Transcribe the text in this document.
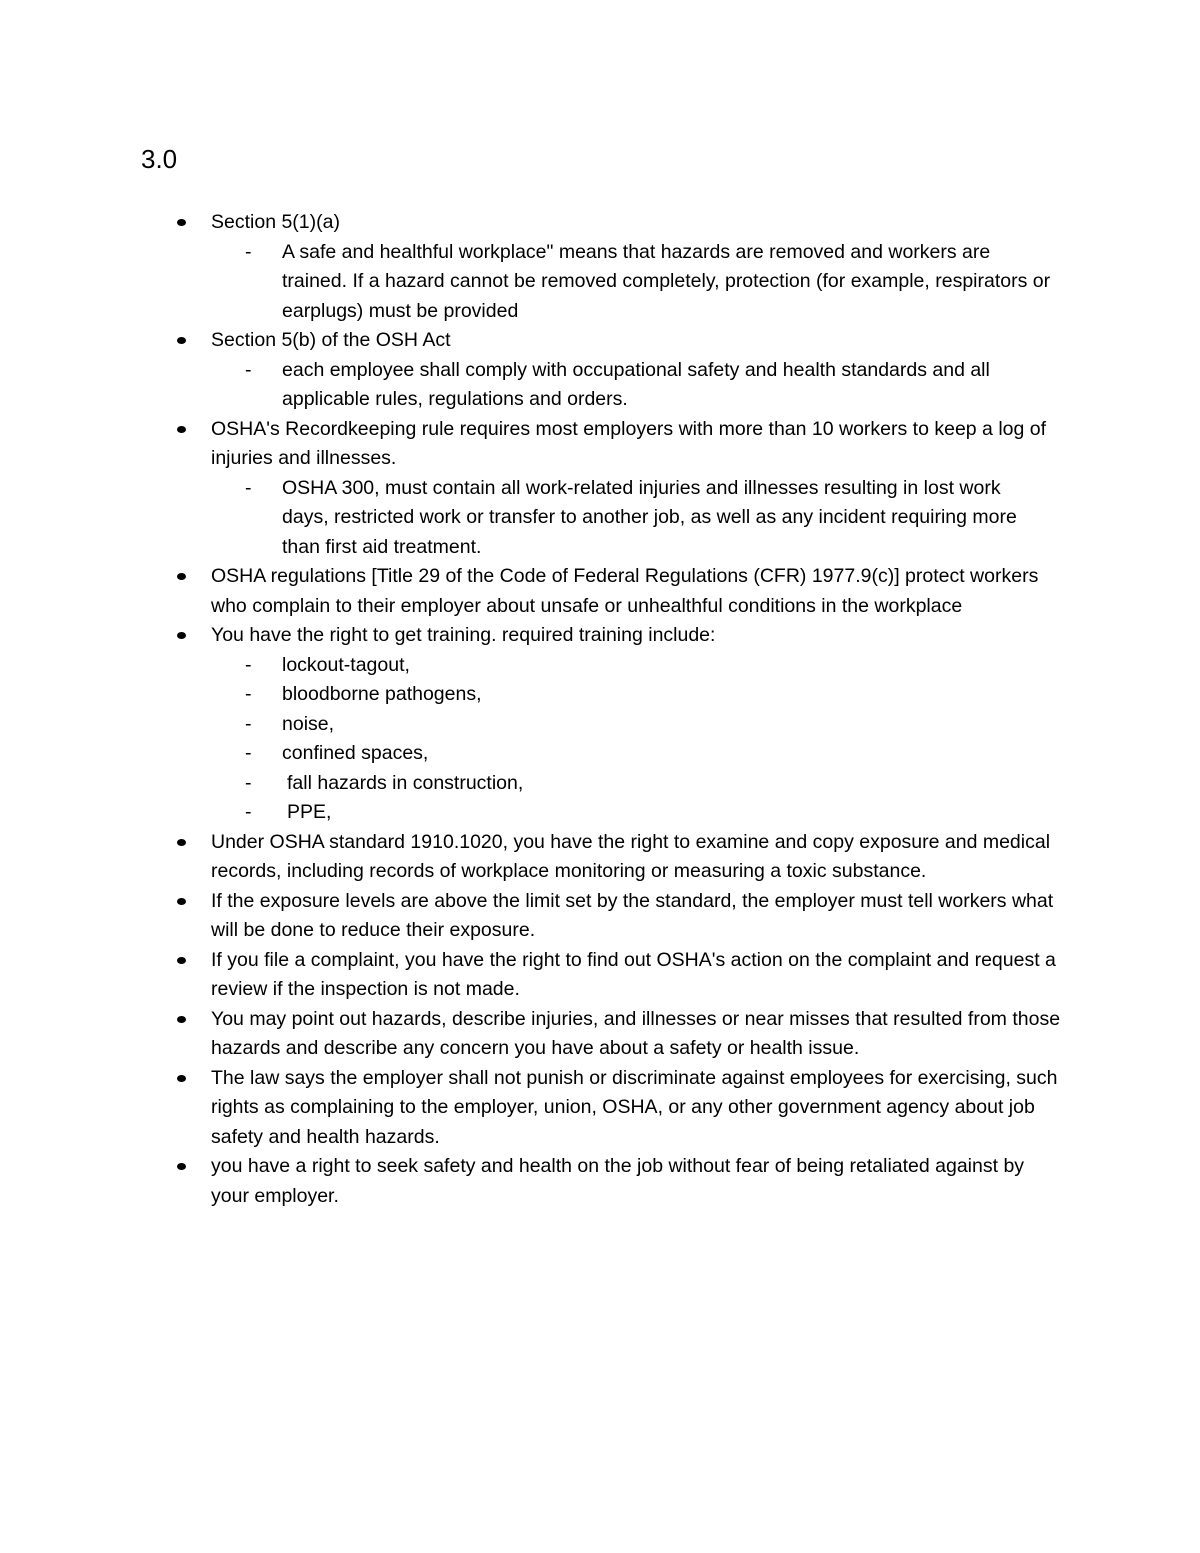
3.0
Section 5(1)(a)
- A safe and healthful workplace" means that hazards are removed and workers are trained. If a hazard cannot be removed completely, protection (for example, respirators or earplugs) must be provided
Section 5(b) of the OSH Act
- each employee shall comply with occupational safety and health standards and all applicable rules, regulations and orders.
OSHA's Recordkeeping rule requires most employers with more than 10 workers to keep a log of injuries and illnesses.
- OSHA 300, must contain all work-related injuries and illnesses resulting in lost work days, restricted work or transfer to another job, as well as any incident requiring more than first aid treatment.
OSHA regulations [Title 29 of the Code of Federal Regulations (CFR) 1977.9(c)] protect workers who complain to their employer about unsafe or unhealthful conditions in the workplace
You have the right to get training. required training include:
- lockout-tagout,
- bloodborne pathogens,
- noise,
- confined spaces,
- fall hazards in construction,
- PPE,
Under OSHA standard 1910.1020, you have the right to examine and copy exposure and medical records, including records of workplace monitoring or measuring a toxic substance.
If the exposure levels are above the limit set by the standard, the employer must tell workers what will be done to reduce their exposure.
If you file a complaint, you have the right to find out OSHA's action on the complaint and request a review if the inspection is not made.
You may point out hazards, describe injuries, and illnesses or near misses that resulted from those hazards and describe any concern you have about a safety or health issue.
The law says the employer shall not punish or discriminate against employees for exercising, such rights as complaining to the employer, union, OSHA, or any other government agency about job safety and health hazards.
you have a right to seek safety and health on the job without fear of being retaliated against by your employer.
